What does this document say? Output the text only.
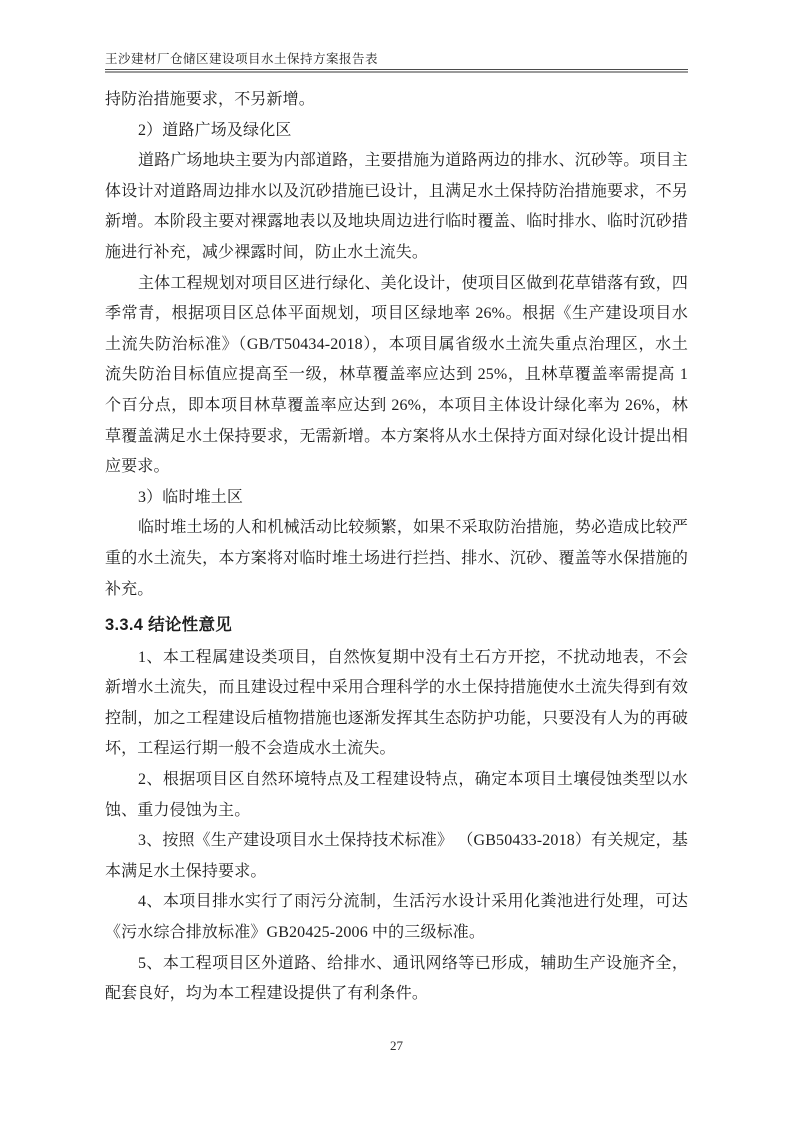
王沙建材厂仓储区建设项目水土保持方案报告表

持防治措施要求，不另新增。

2）道路广场及绿化区

道路广场地块主要为内部道路，主要措施为道路两边的排水、沉砂等。项目主体设计对道路周边排水以及沉砂措施已设计，且满足水土保持防治措施要求，不另新增。本阶段主要对裸露地表以及地块周边进行临时覆盖、临时排水、临时沉砂措施进行补充，减少裸露时间，防止水土流失。

主体工程规划对项目区进行绿化、美化设计，使项目区做到花草错落有致，四季常青，根据项目区总体平面规划，项目区绿地率 26%。根据《生产建设项目水土流失防治标准》（GB/T50434-2018），本项目属省级水土流失重点治理区，水土流失防治目标值应提高至一级，林草覆盖率应达到 25%，且林草覆盖率需提高 1 个百分点，即本项目林草覆盖率应达到 26%，本项目主体设计绿化率为 26%，林草覆盖满足水土保持要求，无需新增。本方案将从水土保持方面对绿化设计提出相应要求。

3）临时堆土区

临时堆土场的人和机械活动比较频繁，如果不采取防治措施，势必造成比较严重的水土流失，本方案将对临时堆土场进行拦挡、排水、沉砂、覆盖等水保措施的补充。

3.3.4 结论性意见

1、本工程属建设类项目，自然恢复期中没有土石方开挖，不扰动地表，不会新增水土流失，而且建设过程中采用合理科学的水土保持措施使水土流失得到有效控制，加之工程建设后植物措施也逐渐发挥其生态防护功能，只要没有人为的再破坏，工程运行期一般不会造成水土流失。

2、根据项目区自然环境特点及工程建设特点，确定本项目土壤侵蚀类型以水蚀、重力侵蚀为主。

3、按照《生产建设项目水土保持技术标准》 （GB50433-2018）有关规定，基本满足水土保持要求。

4、本项目排水实行了雨污分流制，生活污水设计采用化粪池进行处理，可达《污水综合排放标准》GB20425-2006 中的三级标准。

5、本工程项目区外道路、给排水、通讯网络等已形成，辅助生产设施齐全，配套良好，均为本工程建设提供了有利条件。

27
